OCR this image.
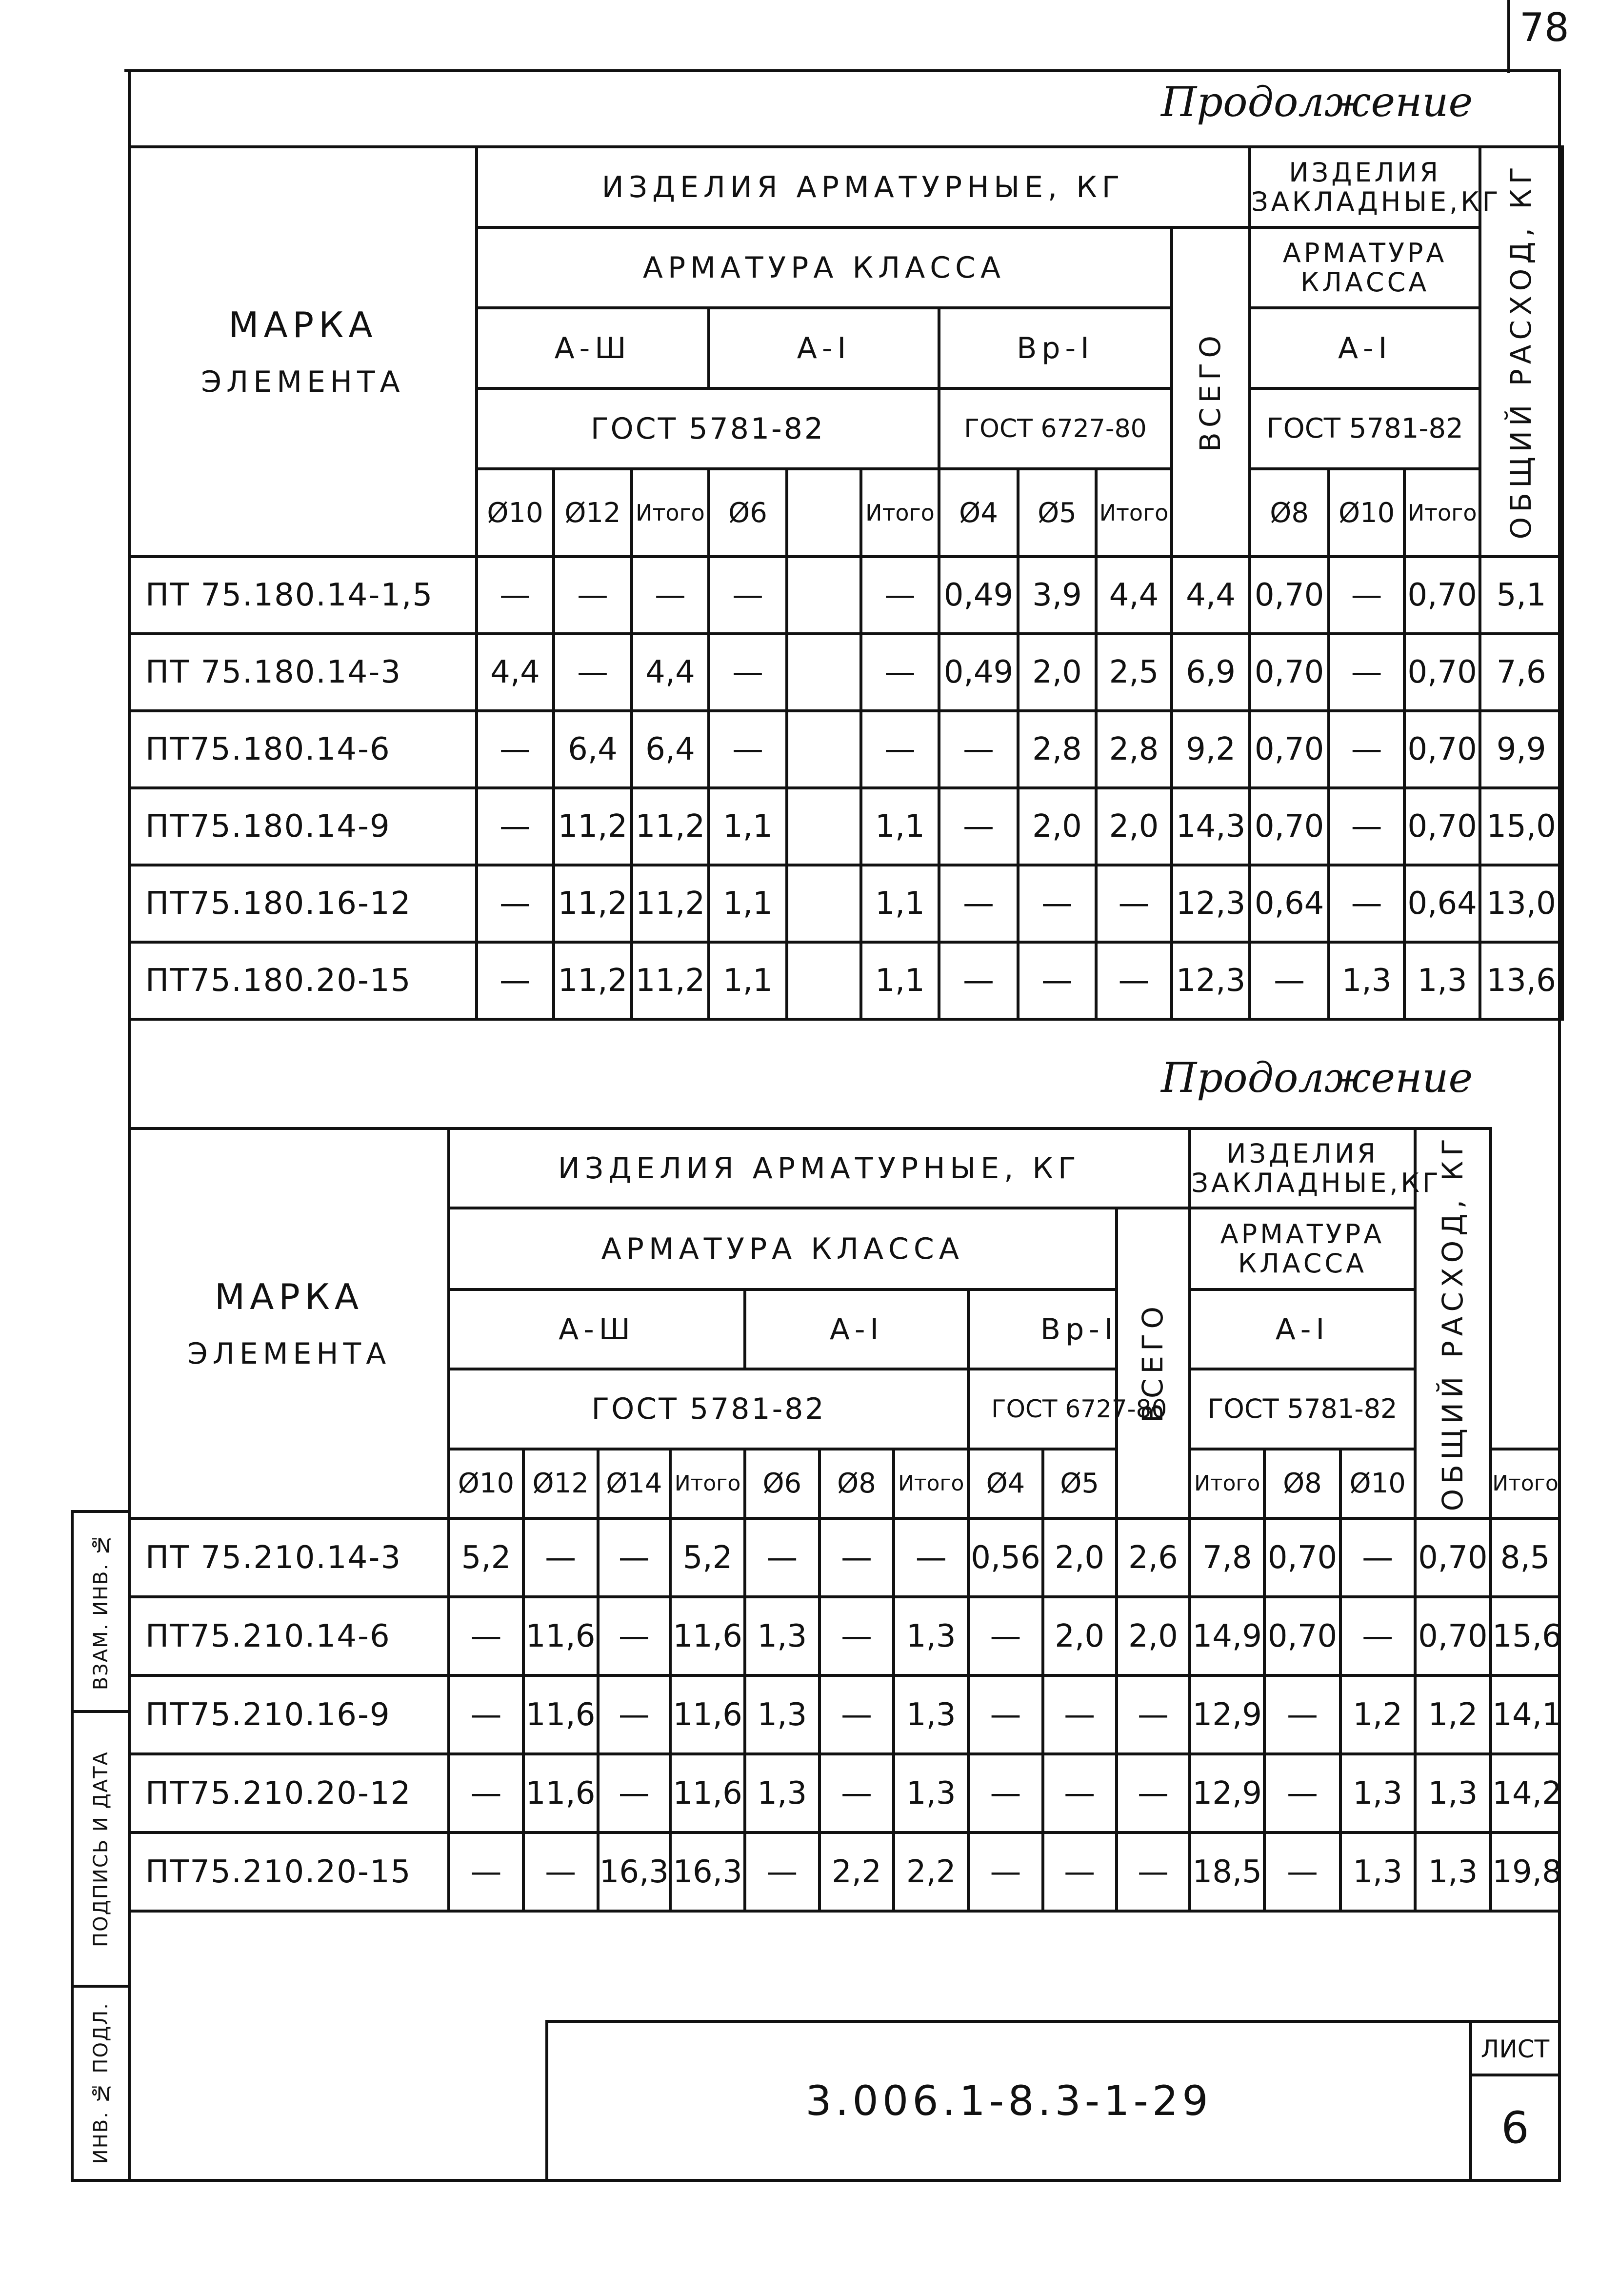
78
Продолжение
Продолжение
МАРКА
ЭЛЕМЕНТА	ИЗДЕЛИЯ АРМАТУРНЫЕ, КГ										ИЗДЕЛИЯ ЗАКЛАДНЫЕ,КГ			ОБЩИЙ РАСХОД, КГ
	АРМАТУРА КЛАССА									ВСЕГО	АРМАТУРА КЛАССА			
	А-Ш			А-I			Вр-I				А-I			
	ГОСТ 5781-82						ГОСТ 6727-80				ГОСТ 5781-82			
	Ø10	Ø12	Итого	Ø6		Итого	Ø4	Ø5	Итого		Ø8	Ø10	Итого	
ПТ 75.180.14-1,5	—	—	—	—		—	0,49	3,9	4,4	4,4	0,70	—	0,70	5,1
ПТ 75.180.14-3	4,4	—	4,4	—		—	0,49	2,0	2,5	6,9	0,70	—	0,70	7,6
ПТ75.180.14-6	—	6,4	6,4	—		—	—	2,8	2,8	9,2	0,70	—	0,70	9,9
ПТ75.180.14-9	—	11,2	11,2	1,1		1,1	—	2,0	2,0	14,3	0,70	—	0,70	15,0
ПТ75.180.16-12	—	11,2	11,2	1,1		1,1	—	—	—	12,3	0,64	—	0,64	13,0
ПТ75.180.20-15	—	11,2	11,2	1,1		1,1	—	—	—	12,3	—	1,3	1,3	13,6
МАРКА
ЭЛЕМЕНТА	ИЗДЕЛИЯ АРМАТУРНЫЕ, КГ										ИЗДЕЛИЯ ЗАКЛАДНЫЕ,КГ			ОБЩИЙ РАСХОД, КГ	
	АРМАТУРА КЛАССА									ВСЕГО	АРМАТУРА КЛАССА				
	А-Ш				А-I			Вр-I			А-I				
	ГОСТ 5781-82							ГОСТ 6727-80			ГОСТ 5781-82				
	Ø10	Ø12	Ø14	Итого	Ø6	Ø8	Итого	Ø4	Ø5		Итого	Ø8	Ø10		Итого
ПТ 75.210.14-3	5,2	—	—	5,2	—	—	—	0,56	2,0	2,6	7,8	0,70	—	0,70	8,5
ПТ75.210.14-6	—	11,6	—	11,6	1,3	—	1,3	—	2,0	2,0	14,9	0,70	—	0,70	15,6
ПТ75.210.16-9	—	11,6	—	11,6	1,3	—	1,3	—	—	—	12,9	—	1,2	1,2	14,1
ПТ75.210.20-12	—	11,6	—	11,6	1,3	—	1,3	—	—	—	12,9	—	1,3	1,3	14,2
ПТ75.210.20-15	—	—	16,3	16,3	—	2,2	2,2	—	—	—	18,5	—	1,3	1,3	19,8
ВЗАМ. ИНВ. №
ПОДПИСЬ И ДАТА
ИНВ. № ПОДЛ.	3.006.1-8.3-1-29
ЛИСТ
6
